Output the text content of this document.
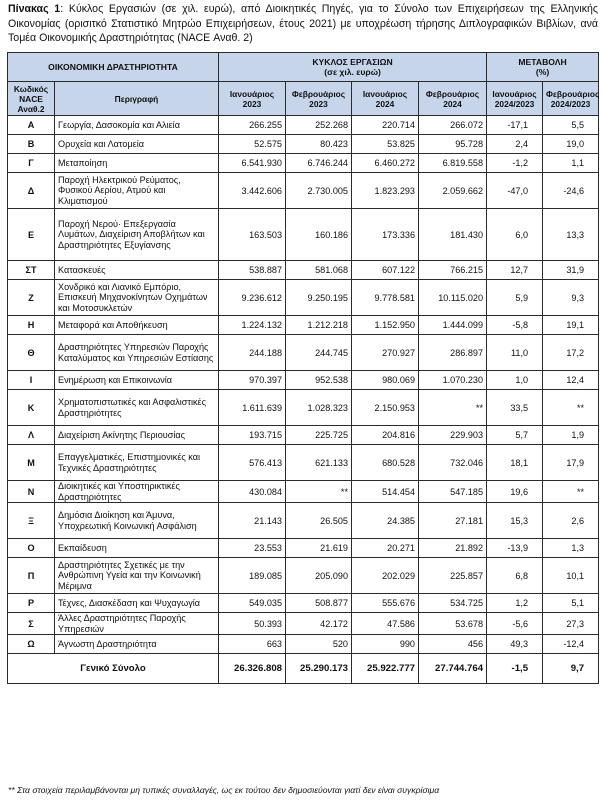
Πίνακας 1: Κύκλος Εργασιών (σε χιλ. ευρώ), από Διοικητικές Πηγές, για το Σύνολο των Επιχειρήσεων της Ελληνικής Οικονομίας (ορισιτκό Στατιστικό Μητρώο Επιχειρήσεων, έτους 2021) με υποχρέωση τήρησης Διπλογραφικών Βιβλίων, ανά Τομέα Οικονομικής Δραστηριότητας (NACE Αναθ. 2)
ΟΙΚΟΝΟΜΙΚΗ ΔΡΑΣΤΗΡΙΟΤΗΤΑ		ΚΥΚΛΟΣ ΕΡΓΑΣΙΩΝ
(σε χιλ. ευρώ)				ΜΕΤΑΒΟΛΗ
(%)	
Κωδικός NACE Αναθ.2	Περιγραφή	Ιανουάριος 2023	Φεβρουάριος 2023	Ιανουάριος 2024	Φεβρουάριος 2024	Ιανουάριος 2024/2023	Φεβρουάριος 2024/2023
Α	Γεωργία, Δασοκομία και Αλιεία	266.255	252.268	220.714	266.072	-17,1	5,5
Β	Ορυχεία και Λατομεία	52.575	80.423	53.825	95.728	2,4	19,0
Γ	Μεταποίηση	6.541.930	6.746.244	6.460.272	6.819.558	-1,2	1,1
Δ	Παροχή Ηλεκτρικού Ρεύματος, Φυσικού Αερίου, Ατμού και Κλιματισμού	3.442.606	2.730.005	1.823.293	2.059.662	-47,0	-24,6
Ε	Παροχή Νερού· Επεξεργασία Λυμάτων, Διαχείριση Αποβλήτων και Δραστηριότητες Εξυγίανσης	163.503	160.186	173.336	181.430	6,0	13,3
ΣΤ	Κατασκευές	538.887	581.068	607.122	766.215	12,7	31,9
Ζ	Χονδρικό και Λιανικό Εμπόριο, Επισκευή Μηχανοκίνητων Οχημάτων και Μοτοσυκλετών	9.236.612	9.250.195	9.778.581	10.115.020	5,9	9,3
Η	Μεταφορά και Αποθήκευση	1.224.132	1.212.218	1.152.950	1.444.099	-5,8	19,1
Θ	Δραστηριότητες Υπηρεσιών Παροχής Καταλύματος και Υπηρεσιών Εστίασης	244.188	244.745	270.927	286.897	11,0	17,2
Ι	Ενημέρωση και Επικοινωνία	970.397	952.538	980.069	1.070.230	1,0	12,4
Κ	Χρηματοπιστωτικές και Ασφαλιστικές Δραστηριότητες	1.611.639	1.028.323	2.150.953	**	33,5	**
Λ	Διαχείριση Ακίνητης Περιουσίας	193.715	225.725	204.816	229.903	5,7	1,9
Μ	Επαγγελματικές, Επιστημονικές και Τεχνικές Δραστηριότητες	576.413	621.133	680.528	732.046	18,1	17,9
Ν	Διοικητικές και Υποστηρικτικές Δραστηριότητες	430.084	**	514.454	547.185	19,6	**
Ξ	Δημόσια Διοίκηση και Άμυνα, Υποχρεωτική Κοινωνική Ασφάλιση	21.143	26.505	24.385	27.181	15,3	2,6
Ο	Εκπαίδευση	23.553	21.619	20.271	21.892	-13,9	1,3
Π	Δραστηριότητες Σχετικές με την Ανθρώπινη Υγεία και την Κοινωνική Μέριμνα	189.085	205.090	202.029	225.857	6,8	10,1
Ρ	Τέχνες, Διασκέδαση και Ψυχαγωγία	549.035	508.877	555.676	534.725	1,2	5,1
Σ	Άλλες Δραστηριότητες Παροχής Υπηρεσιών	50.393	42.172	47.586	53.678	-5,6	27,3
Ω	Άγνωστη Δραστηριότητα	663	520	990	456	49,3	-12,4
Γενικό Σύνολο		26.326.808	25.290.173	25.922.777	27.744.764	-1,5	9,7
** Στα στοιχεία περιλαμβάνονται μη τυπικές συναλλαγές, ως εκ τούτου δεν δημοσιεύονται γιατί δεν είναι συγκρίσιμα
